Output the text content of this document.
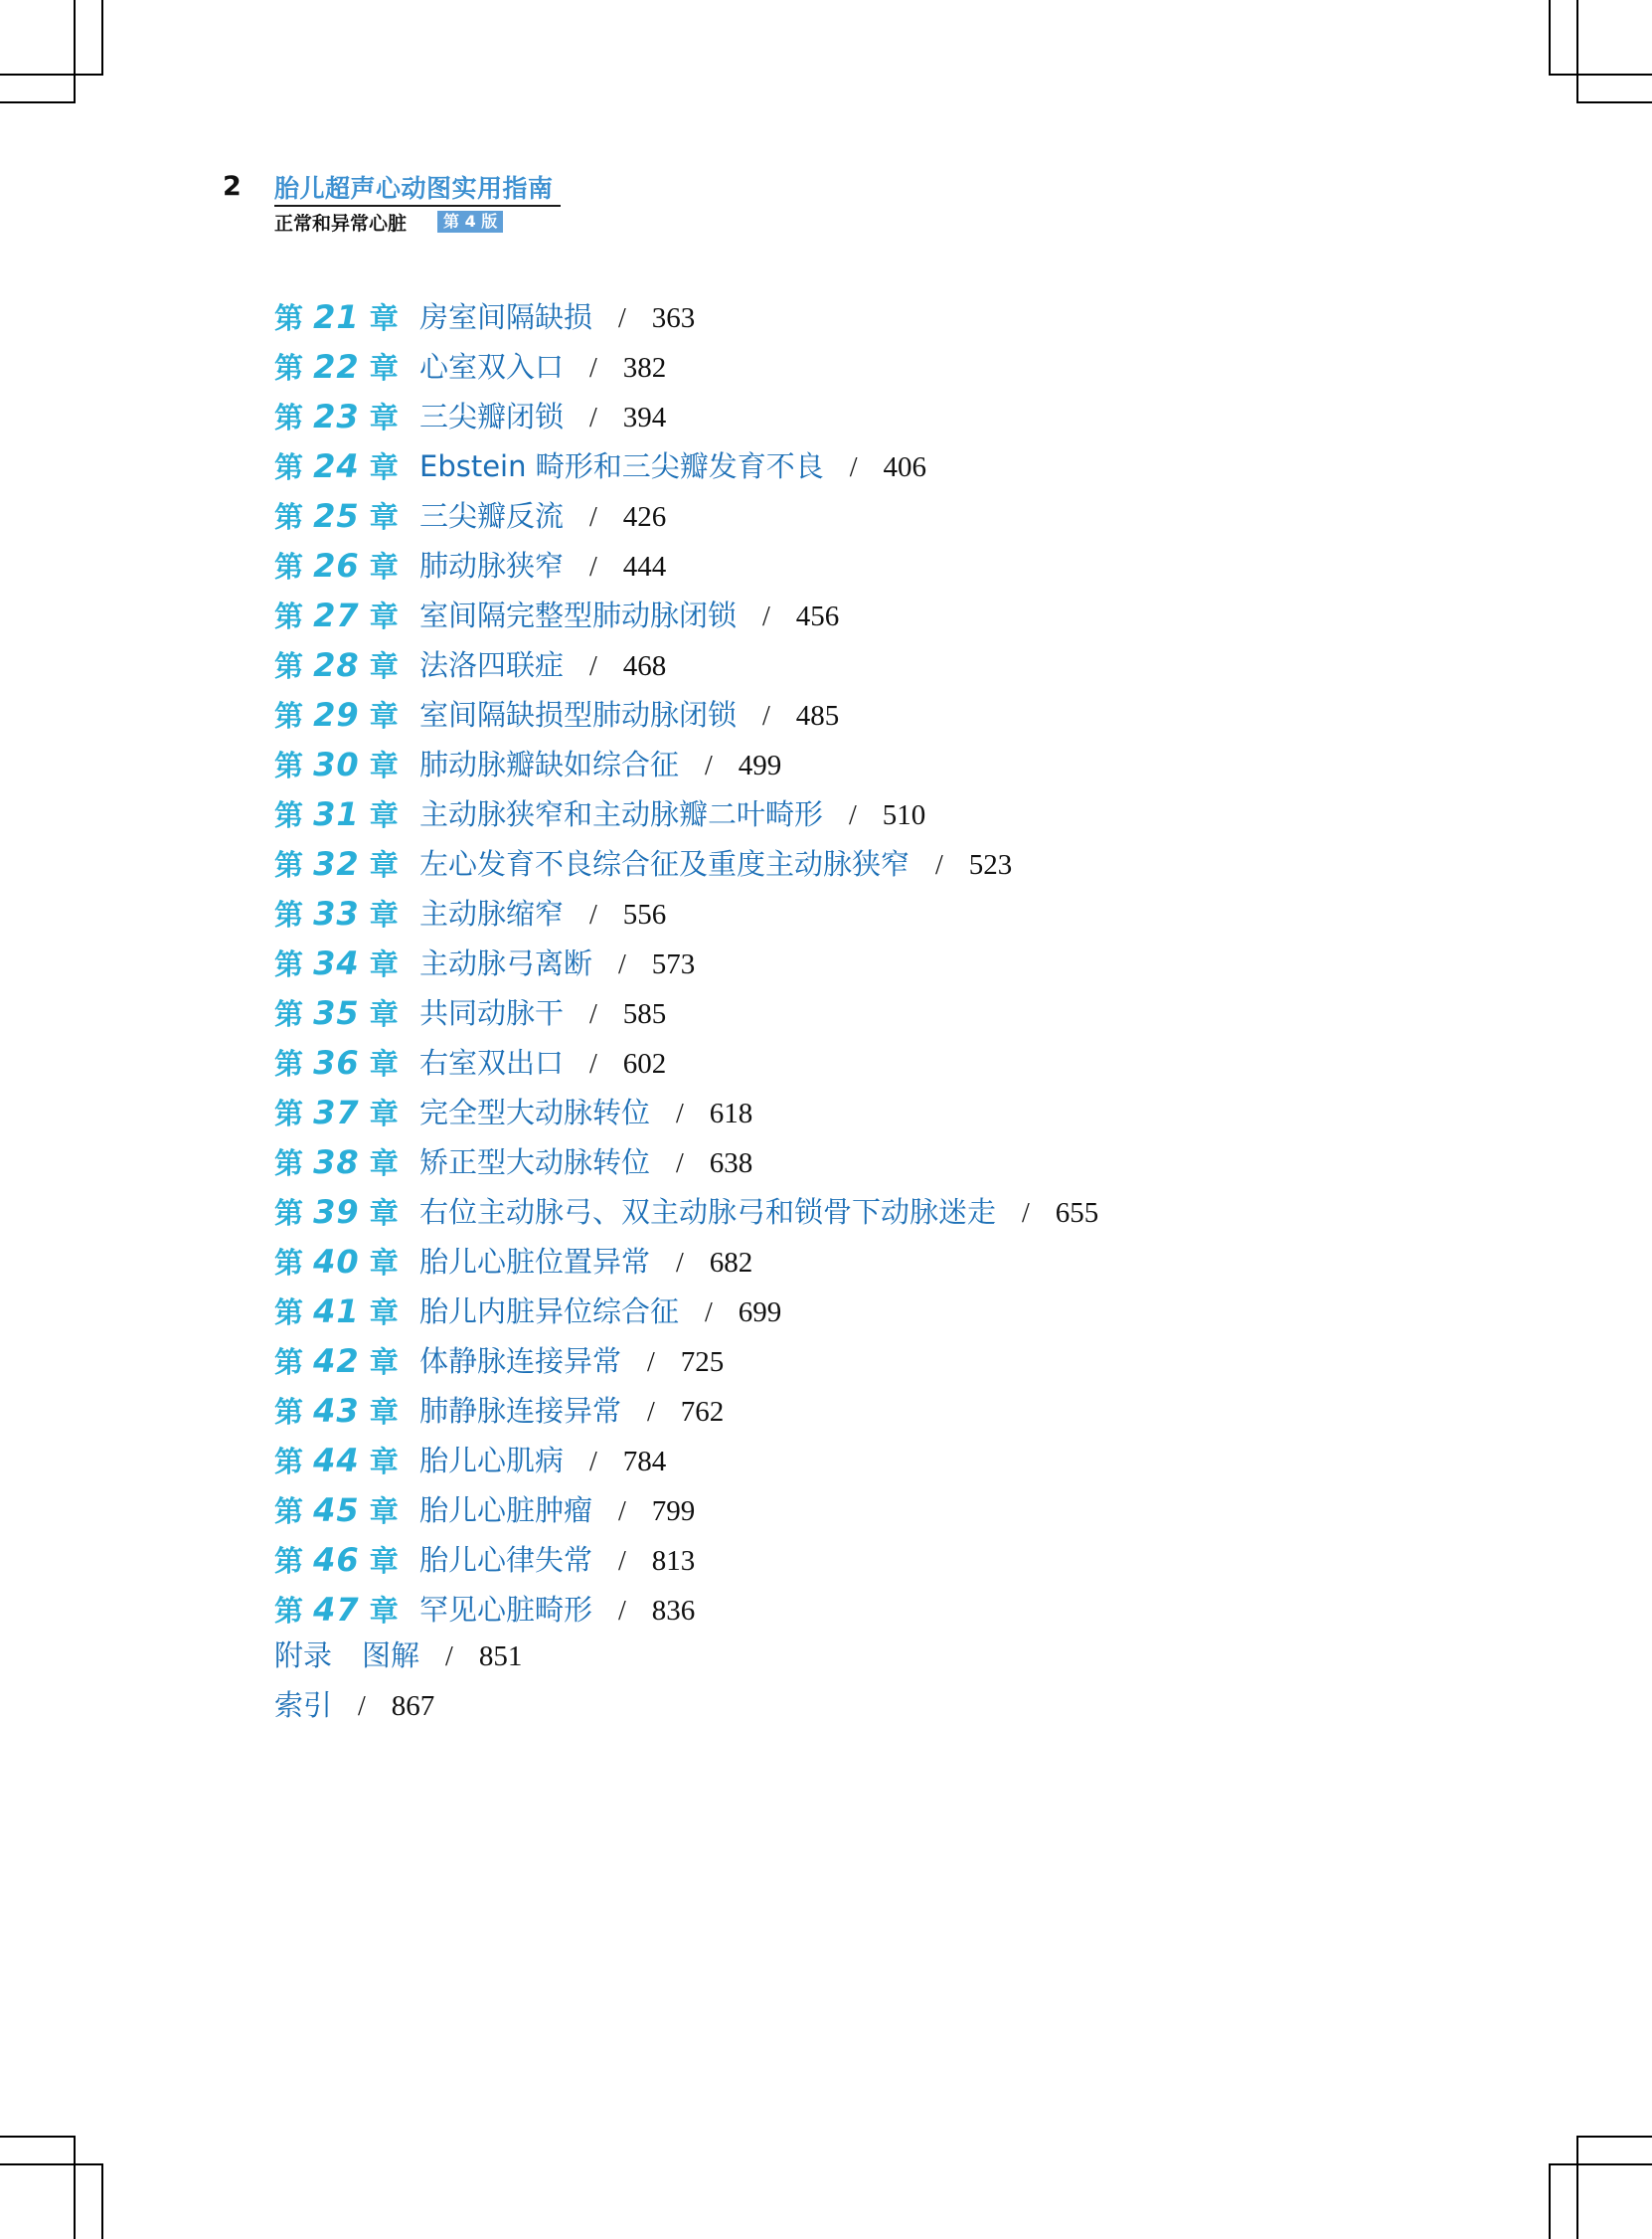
2 胎儿超声心动图实用指南
正常和异常心脏	第 4 版
第 21 章 房室间隔缺损 / 363
第 22 章 心室双入口 / 382
第 23 章 三尖瓣闭锁 / 394
第 24 章 Ebstein 畸形和三尖瓣发育不良 / 406
第 25 章 三尖瓣反流 / 426
第 26 章 肺动脉狭窄 / 444
第 27 章 室间隔完整型肺动脉闭锁 / 456
第 28 章 法洛四联症 / 468
第 29 章 室间隔缺损型肺动脉闭锁 / 485
第 30 章 肺动脉瓣缺如综合征 / 499
第 31 章 主动脉狭窄和主动脉瓣二叶畸形 / 510
第 32 章 左心发育不良综合征及重度主动脉狭窄 / 523
第 33 章 主动脉缩窄 / 556
第 34 章 主动脉弓离断 / 573
第 35 章 共同动脉干 / 585
第 36 章 右室双出口 / 602
第 37 章 完全型大动脉转位 / 618
第 38 章 矫正型大动脉转位 / 638
第 39 章 右位主动脉弓、双主动脉弓和锁骨下动脉迷走 / 655
第 40 章 胎儿心脏位置异常 / 682
第 41 章 胎儿内脏异位综合征 / 699
第 42 章 体静脉连接异常 / 725
第 43 章 肺静脉连接异常 / 762
第 44 章 胎儿心肌病 / 784
第 45 章 胎儿心脏肿瘤 / 799
第 46 章 胎儿心律失常 / 813
第 47 章 罕见心脏畸形 / 836
附录 图解 / 851
索引 / 867
